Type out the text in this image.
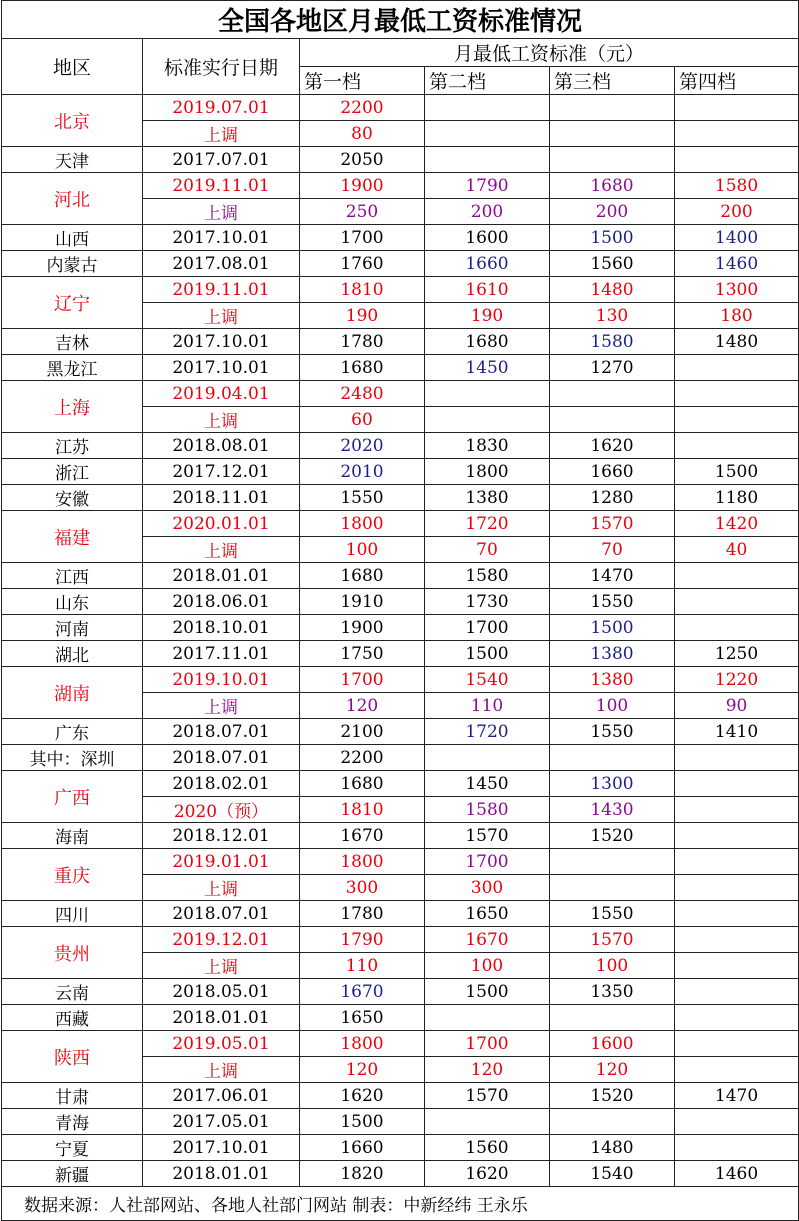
全国各地区月最低工资标准情况					
地区	标准实行日期	月最低工资标准（元）			
		第一档	第二档	第三档	第四档
北京	2019.07.01	2200			
	上调	80			
天津	2017.07.01	2050			
河北	2019.11.01	1900	1790	1680	1580
	上调	250	200	200	200
山西	2017.10.01	1700	1600	1500	1400
内蒙古	2017.08.01	1760	1660	1560	1460
辽宁	2019.11.01	1810	1610	1480	1300
	上调	190	190	130	180
吉林	2017.10.01	1780	1680	1580	1480
黑龙江	2017.10.01	1680	1450	1270	
上海	2019.04.01	2480			
	上调	60			
江苏	2018.08.01	2020	1830	1620	
浙江	2017.12.01	2010	1800	1660	1500
安徽	2018.11.01	1550	1380	1280	1180
福建	2020.01.01	1800	1720	1570	1420
	上调	100	70	70	40
江西	2018.01.01	1680	1580	1470	
山东	2018.06.01	1910	1730	1550	
河南	2018.10.01	1900	1700	1500	
湖北	2017.11.01	1750	1500	1380	1250
湖南	2019.10.01	1700	1540	1380	1220
	上调	120	110	100	90
广东	2018.07.01	2100	1720	1550	1410
其中：深圳	2018.07.01	2200			
广西	2018.02.01	1680	1450	1300	
	2020（预）	1810	1580	1430	
海南	2018.12.01	1670	1570	1520	
重庆	2019.01.01	1800	1700		
	上调	300	300		
四川	2018.07.01	1780	1650	1550	
贵州	2019.12.01	1790	1670	1570	
	上调	110	100	100	
云南	2018.05.01	1670	1500	1350	
西藏	2018.01.01	1650			
陕西	2019.05.01	1800	1700	1600	
	上调	120	120	120	
甘肃	2017.06.01	1620	1570	1520	1470
青海	2017.05.01	1500			
宁夏	2017.10.01	1660	1560	1480	
新疆	2018.01.01	1820	1620	1540	1460
数据来源：人社部网站、各地人社部门网站 制表：中新经纬 王永乐					
